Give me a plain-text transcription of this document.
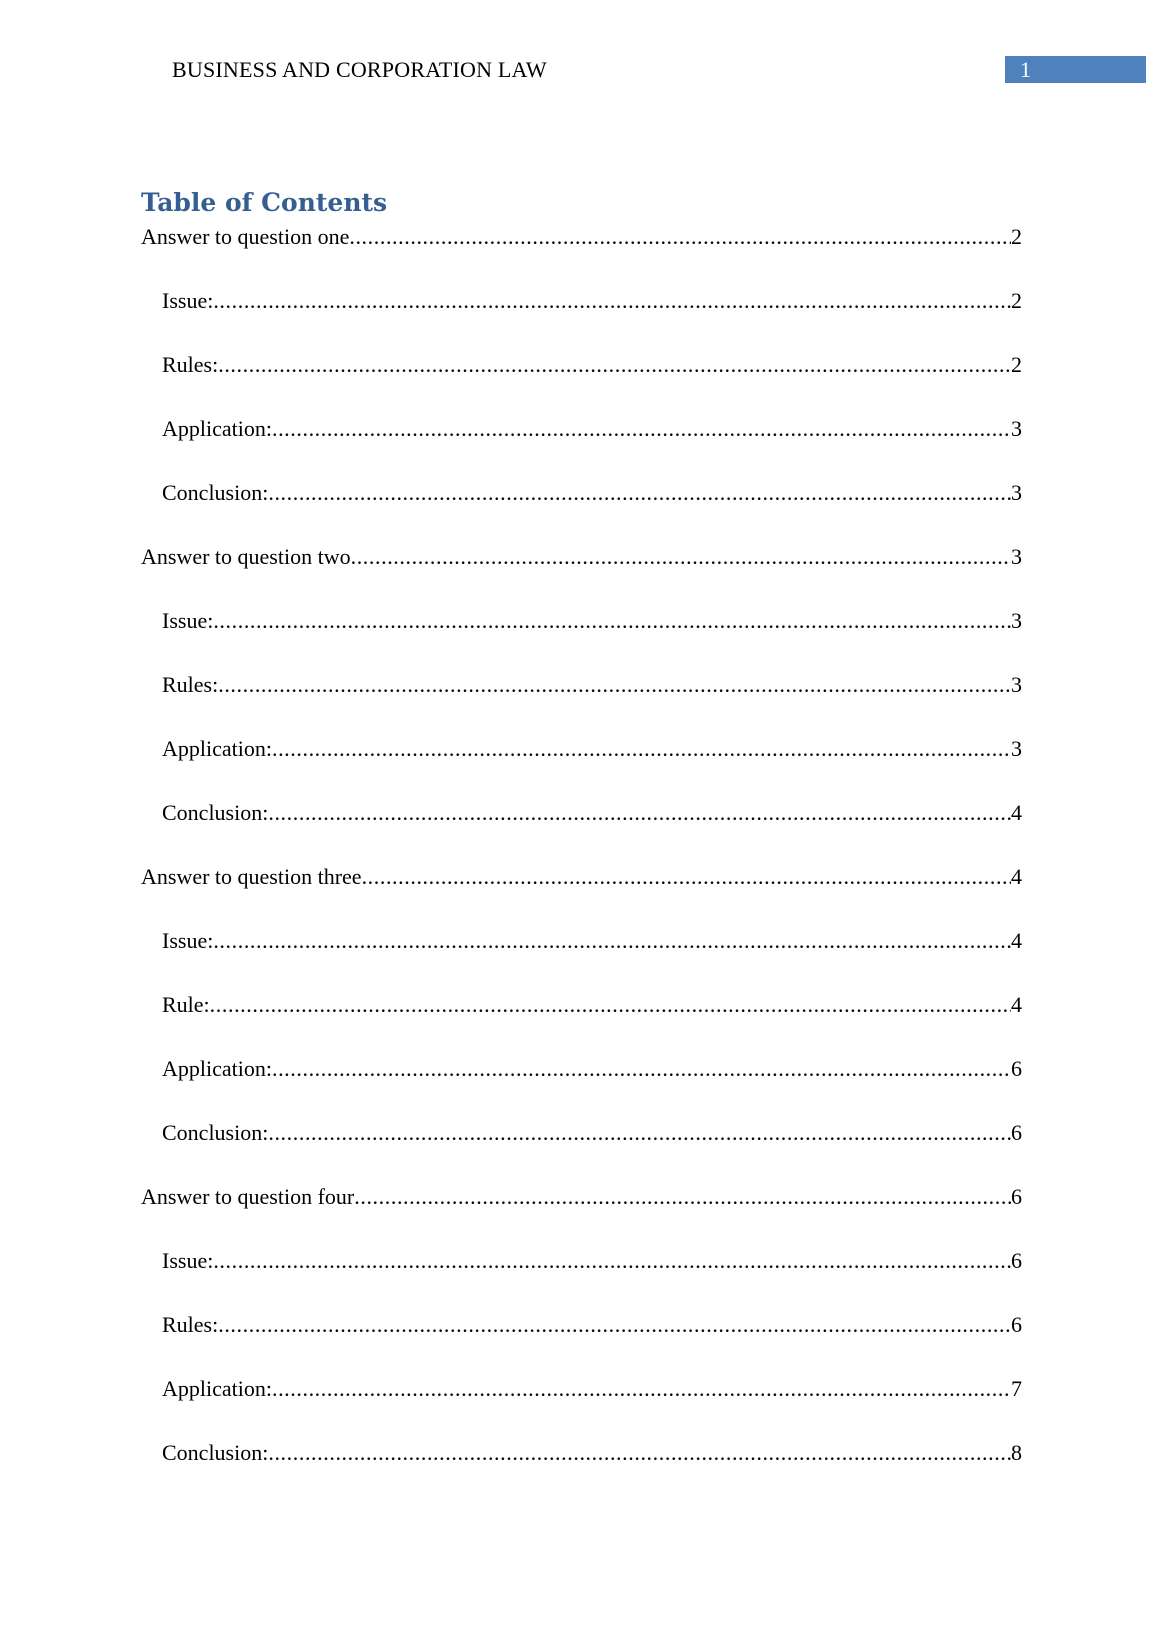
BUSINESS AND CORPORATION LAW	1
Table of Contents
Answer to question one .....	2
Issue: .....	2
Rules: .....	2
Application: .....	3
Conclusion: .....	3
Answer to question two .....	3
Issue: .....	3
Rules: .....	3
Application: .....	3
Conclusion: .....	4
Answer to question three .....	4
Issue: .....	4
Rule: .....	4
Application: .....	6
Conclusion: .....	6
Answer to question four .....	6
Issue: .....	6
Rules: .....	6
Application: .....	7
Conclusion: .....	8
